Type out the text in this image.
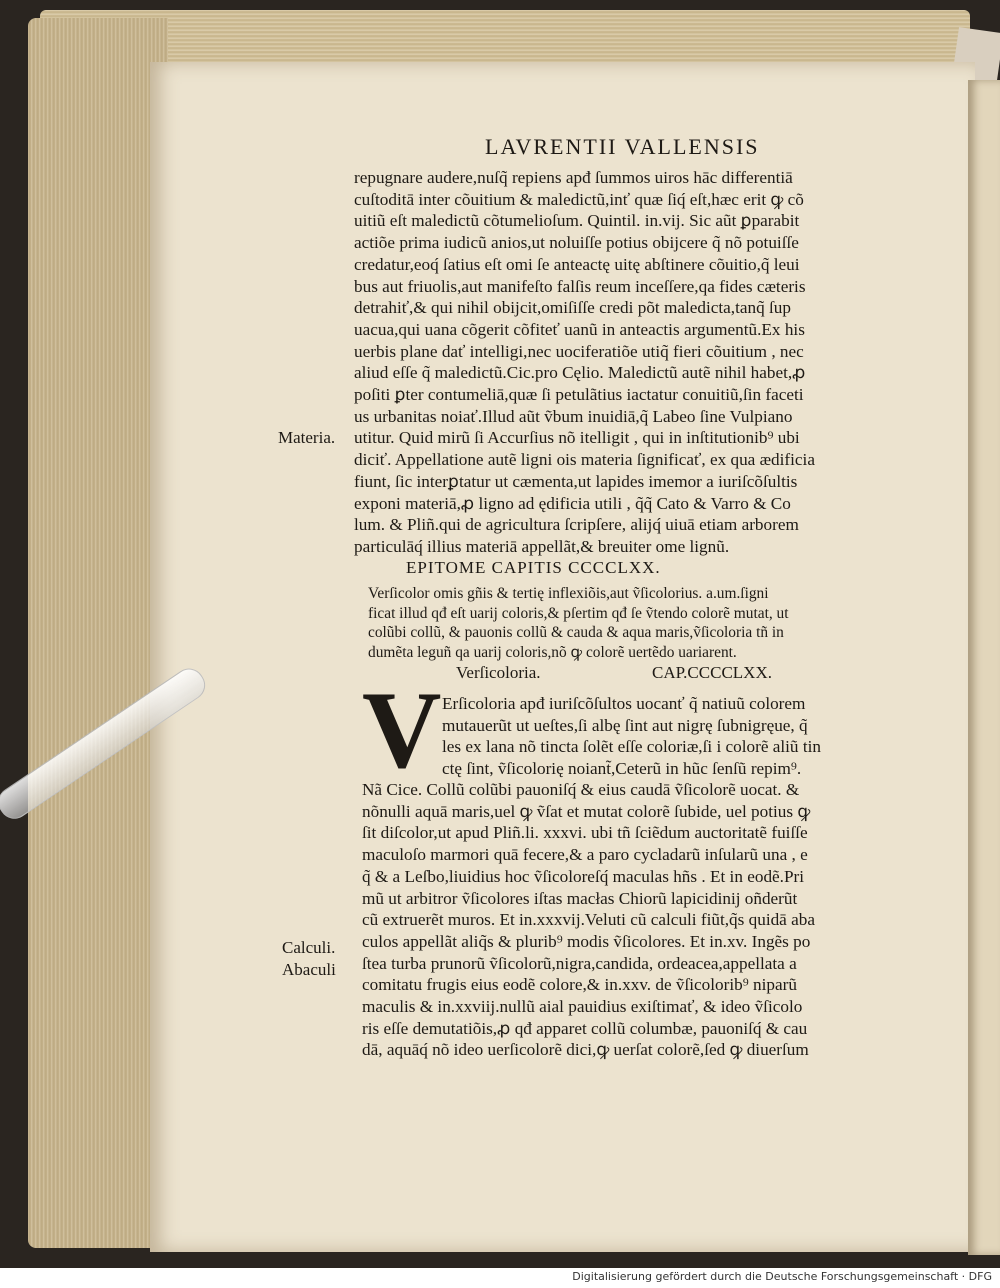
LAVRENTII VALLENSIS
repugnare audere,nuſq̃ repiens apđ ſummos uiros hāc differentiā
cuſtoditā inter cõuitium & maledictũ,inť quæ ſiq́ eſt,hæc erit ꝙ cõ
uitiũ eſt maledictũ cõtumelioſum. Quintil. in.vij. Sic aũt ꝑparabit
actiõe prima iudicũ anios,ut noluiſſe potius obijcere q̃ nõ potuiſſe
credatur,eoq́ ſatius eſt omi ſe anteactę uitę abſtinere cõuitio,q̃ leui
bus aut friuolis,aut manifeſto falſis reum inceſſere,qa fides cæteris
detrahiť,& qui nihil obijcit,omiſiſſe credi põt maledicta,tanq̃ ſup
uacua,qui uana cõgerit cõfiteť uanũ in anteactis argumentũ.Ex his
uerbis plane dať intelligi,nec uociferatiõe utiq̃ fieri cõuitium , nec
aliud eſſe q̃ maledictũ.Cic.pro Cęlio. Maledictũ autẽ nihil habet,ꝓ
poſiti ꝑter contumeliā,quæ ſi petulãtius iactatur conuitiũ,ſin faceti
us urbanitas noiať.Illud aũt ṽbum inuidiā,q̃ Labeo ſine Vulpiano
utitur. Quid mirũ ſi Accurſius nõ itelligit , qui in inſtitutionib⁹ ubi
diciť. Appellatione autẽ ligni ois materia ſignificať, ex qua ædificia
fiunt, ſic interꝑtatur ut cæmenta,ut lapides imemor a iuriſcõſultis
exponi materiā,ꝓ ligno ad ędificia utili , q̃q̃ Cato & Varro & Co
lum. & Pliñ.qui de agricultura ſcripſere, alijq́ uiuā etiam arborem
particulāq́ illius materiā appellãt,& breuiter ome lignũ.
Materia.
EPITOME CAPITIS CCCCLXX.
Verſicolor omis gñis & tertię inflexiõis,aut ṽſicolorius. a.um.ſigni
ficat illud qđ eſt uarĳ coloris,& pſertim qđ ſe ṽtendo colorẽ mutat, ut
colũbi collũ, & pauonis collũ & cauda & aqua maris,ṽſicoloria tñ in
dumẽta leguñ qa uarĳ coloris,nõ ꝙ colorẽ uertẽdo uariarent.
Verſicoloria.	CAP.CCCCLXX.
V Erſicoloria apđ iuriſcõſultos uocanť q̃ natiuũ colorem
mutauerũt ut ueſtes,ſi albę ſint aut nigrę ſubnigręue, q̃
les ex lana nõ tincta ſolẽt eſſe coloriæ,ſi i colorẽ aliũ tin
ctę ſint, ṽſicolorię noiant̃,Ceterũ in hũc ſenſũ repim⁹.
Nã Cice. Collũ colũbi pauoniſq́ & eius caudā ṽſicolorẽ uocat. &
nõnulli aquā maris,uel ꝙ ṽſat et mutat colorẽ ſubide, uel potius ꝙ
ſit diſcolor,ut apud Pliñ.li. xxxvi. ubi tñ ſciẽdum auctoritatẽ fuiſſe
maculoſo marmori quā fecere,& a paro cycladarũ inſularũ una , e
q̃ & a Leſbo,liuidius hoc ṽſicoloreſq́ maculas hñs . Et in eodẽ.Pri
mũ ut arbitror ṽſicolores iſtas macłas Chiorũ lapicidinĳ oñderũt
cũ extruerẽt muros. Et in.xxxvij.Veluti cũ calculi fiũt,q̃s quidā aba
culos appellãt aliq̃s & plurib⁹ modis ṽſicolores. Et in.xv. Ingẽs po
ſtea turba prunorũ ṽſicolorũ,nigra,candida, ordeacea,appellata a
comitatu frugis eius eodẽ colore,& in.xxv. de ṽſicolorib⁹ niparũ
maculis & in.xxviij.nullũ aial pauidius exiſtimať, & ideo ṽſicolo
ris eſſe demutatiõis,ꝓ qđ apparet collũ columbæ, pauoniſq́ & cau
dā, aquāq́ nõ ideo uerſicolorẽ dici,ꝙ uerſat colorẽ,ſed ꝙ diuerſum
Calculi.
Abaculi
Digitalisierung gefördert durch die Deutsche Forschungsgemeinschaft · DFG
